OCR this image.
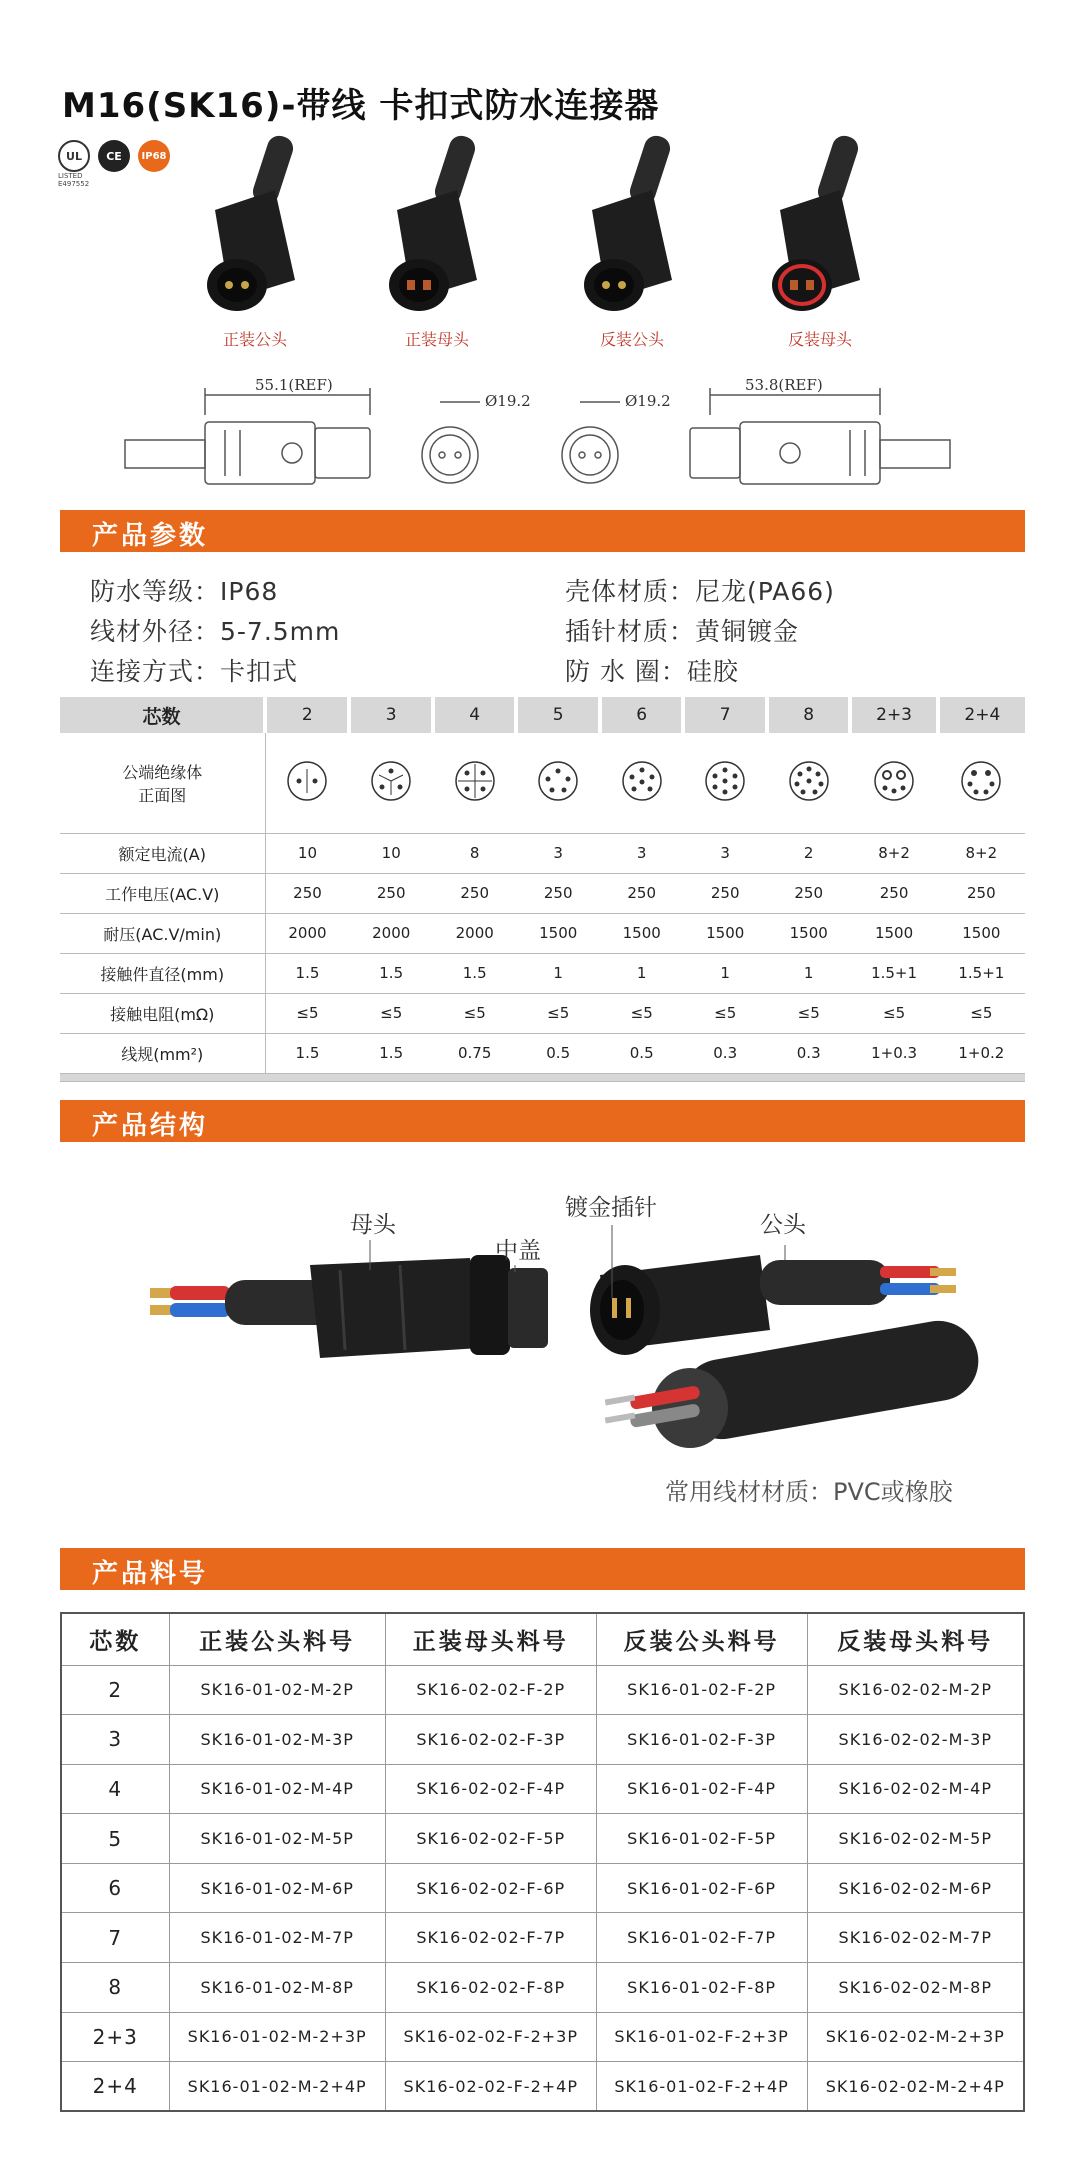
M16(SK16)-带线 卡扣式防水连接器
UL	CE	IP68
LISTED
E497552
正装公头	正装母头	反装公头	反装母头
55.1(REF)
Ø19.2	Ø19.2
53.8(REF)
产品参数
防水等级：IP68
线材外径：5-7.5mm
连接方式：卡扣式
壳体材质：尼龙(PA66)
插针材质：黄铜镀金
防 水 圈：硅胶
芯数	2	3	4	5	6	7	8	2+3	2+4

公端绝缘体
正面图

额定电流(A)	10	10	8	3	3	3	2	8+2	8+2
工作电压(AC.V)	250	250	250	250	250	250	250	250	250
耐压(AC.V/min)	2000	2000	2000	1500	1500	1500	1500	1500	1500
接触件直径(mm)	1.5	1.5	1.5	1	1	1	1	1.5+1	1.5+1
接触电阻(mΩ)	≤5	≤5	≤5	≤5	≤5	≤5	≤5	≤5	≤5
线规(mm²)	1.5	1.5	0.75	0.5	0.5	0.3	0.3	1+0.3	1+0.2

产品结构
母头
中盖
镀金插针
公头
常用线材材质：PVC或橡胶
产品料号
芯数	正装公头料号	正装母头料号	反装公头料号	反装母头料号
2	SK16-01-02-M-2P	SK16-02-02-F-2P	SK16-01-02-F-2P	SK16-02-02-M-2P
3	SK16-01-02-M-3P	SK16-02-02-F-3P	SK16-01-02-F-3P	SK16-02-02-M-3P
4	SK16-01-02-M-4P	SK16-02-02-F-4P	SK16-01-02-F-4P	SK16-02-02-M-4P
5	SK16-01-02-M-5P	SK16-02-02-F-5P	SK16-01-02-F-5P	SK16-02-02-M-5P
6	SK16-01-02-M-6P	SK16-02-02-F-6P	SK16-01-02-F-6P	SK16-02-02-M-6P
7	SK16-01-02-M-7P	SK16-02-02-F-7P	SK16-01-02-F-7P	SK16-02-02-M-7P
8	SK16-01-02-M-8P	SK16-02-02-F-8P	SK16-01-02-F-8P	SK16-02-02-M-8P
2+3	SK16-01-02-M-2+3P	SK16-02-02-F-2+3P	SK16-01-02-F-2+3P	SK16-02-02-M-2+3P
2+4	SK16-01-02-M-2+4P	SK16-02-02-F-2+4P	SK16-01-02-F-2+4P	SK16-02-02-M-2+4P
